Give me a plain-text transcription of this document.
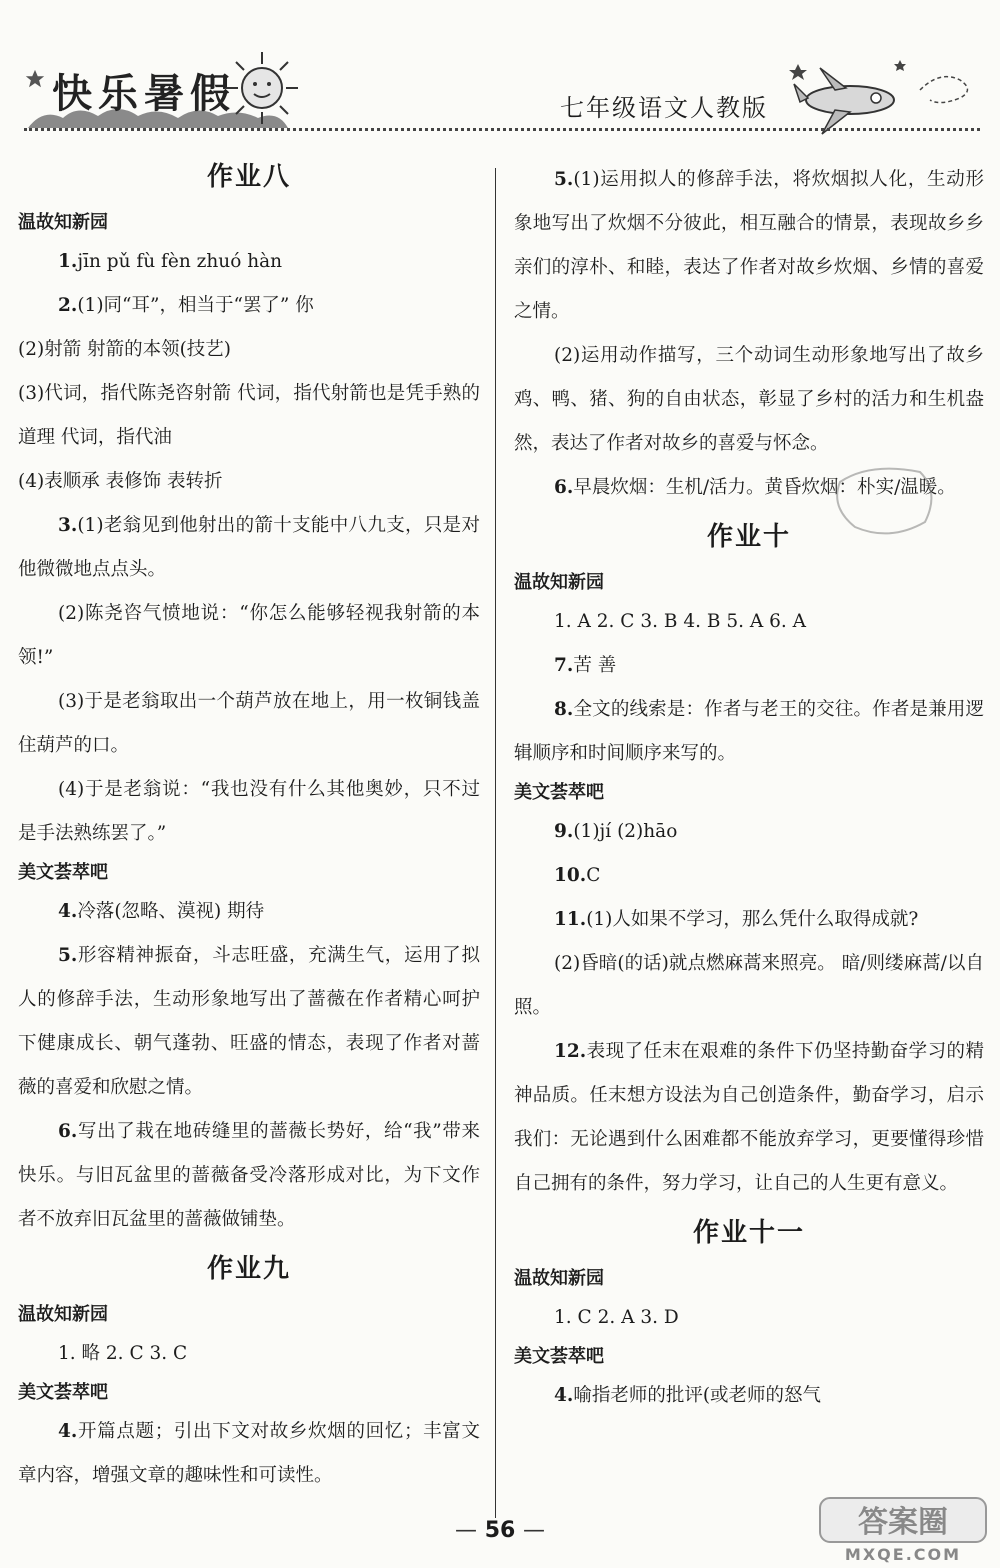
快乐暑假	七年级语文人教版
作业八

温故知新园

1.jīn pǔ fù fèn zhuó hàn

2.(1)同“耳”，相当于“罢了” 你

(2)射箭 射箭的本领(技艺)

(3)代词，指代陈尧咨射箭 代词，指代射箭也是凭手熟的道理 代词，指代油

(4)表顺承 表修饰 表转折

3.(1)老翁见到他射出的箭十支能中八九支，只是对他微微地点点头。

(2)陈尧咨气愤地说：“你怎么能够轻视我射箭的本领!”

(3)于是老翁取出一个葫芦放在地上，用一枚铜钱盖住葫芦的口。

(4)于是老翁说：“我也没有什么其他奥妙，只不过是手法熟练罢了。”

美文荟萃吧

4.冷落(忽略、漠视) 期待

5.形容精神振奋，斗志旺盛，充满生气，运用了拟人的修辞手法，生动形象地写出了蔷薇在作者精心呵护下健康成长、朝气蓬勃、旺盛的情态，表现了作者对蔷薇的喜爱和欣慰之情。

6.写出了栽在地砖缝里的蔷薇长势好，给“我”带来快乐。与旧瓦盆里的蔷薇备受冷落形成对比，为下文作者不放弃旧瓦盆里的蔷薇做铺垫。

作业九

温故知新园

1. 略 2. C 3. C

美文荟萃吧

4.开篇点题；引出下文对故乡炊烟的回忆；丰富文章内容，增强文章的趣味性和可读性。

5.(1)运用拟人的修辞手法，将炊烟拟人化，生动形象地写出了炊烟不分彼此，相互融合的情景，表现故乡乡亲们的淳朴、和睦，表达了作者对故乡炊烟、乡情的喜爱之情。

(2)运用动作描写，三个动词生动形象地写出了故乡鸡、鸭、猪、狗的自由状态，彰显了乡村的活力和生机盎然，表达了作者对故乡的喜爱与怀念。

6.早晨炊烟：生机/活力。黄昏炊烟：朴实/温暖。

作业十

温故知新园

1. A 2. C 3. B 4. B 5. A 6. A

7.苦 善

8.全文的线索是：作者与老王的交往。作者是兼用逻辑顺序和时间顺序来写的。

美文荟萃吧

9.(1)jí (2)hāo

10.C

11.(1)人如果不学习，那么凭什么取得成就?

(2)昏暗(的话)就点燃麻蒿来照亮。 暗/则缕麻蒿/以自照。

12.表现了任末在艰难的条件下仍坚持勤奋学习的精神品质。任末想方设法为自己创造条件，勤奋学习，启示我们：无论遇到什么困难都不能放弃学习，更要懂得珍惜自己拥有的条件，努力学习，让自己的人生更有意义。

作业十一

温故知新园

1. C 2. A 3. D

美文荟萃吧

4.喻指老师的批评(或老师的怒气

— 56 —	答案圈
MXQE.COM
